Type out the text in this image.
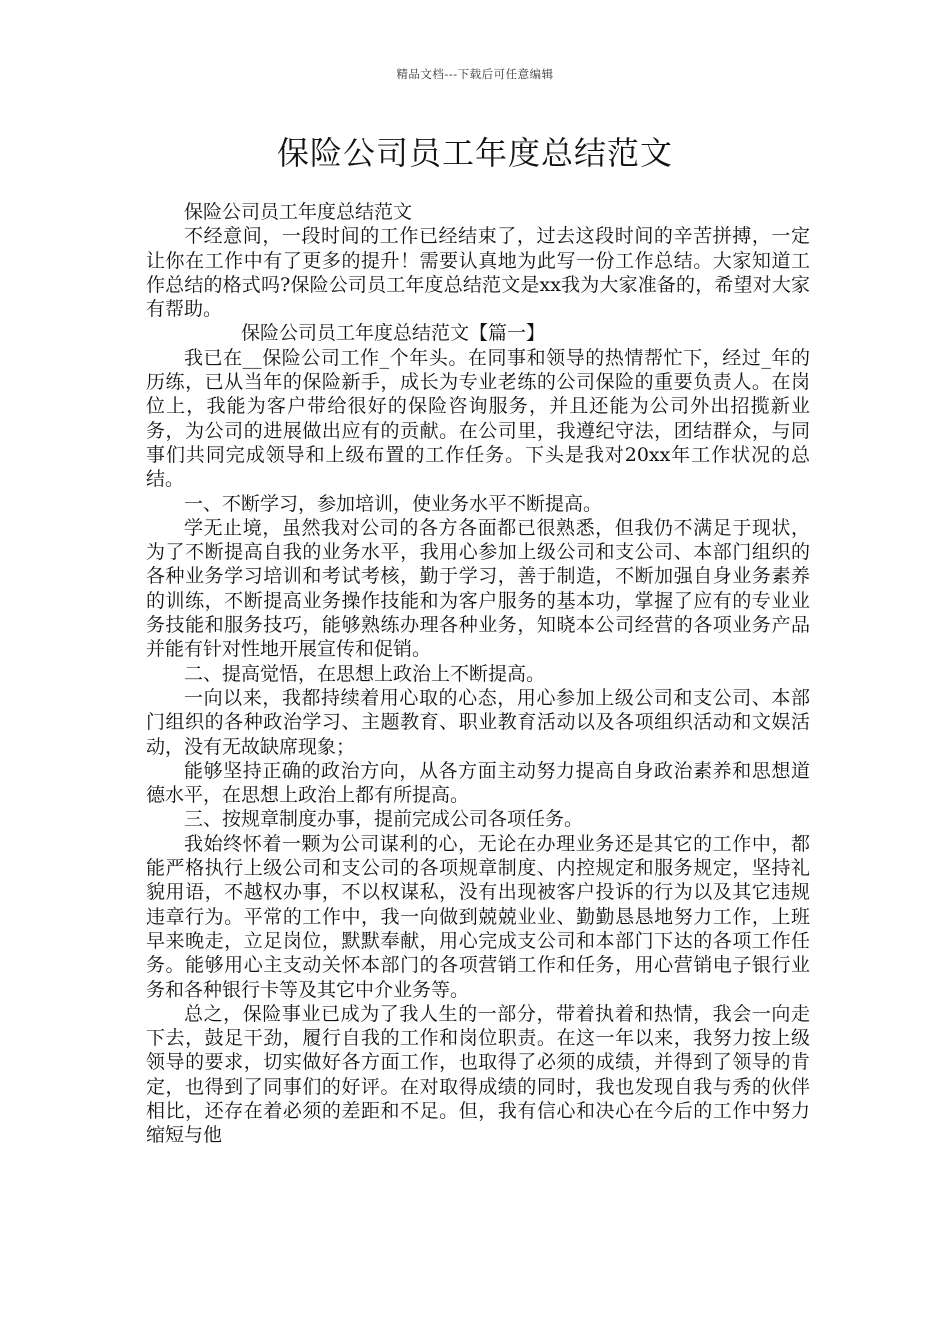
精品文档---下载后可任意编辑
保险公司员工年度总结范文

保险公司员工年度总结范文

不经意间，一段时间的工作已经结束了，过去这段时间的辛苦拼搏，一定让你在工作中有了更多的提升！需要认真地为此写一份工作总结。大家知道工作总结的格式吗?保险公司员工年度总结范文是xx我为大家准备的，希望对大家有帮助。

保险公司员工年度总结范文【篇一】

我已在__保险公司工作_个年头。在同事和领导的热情帮忙下，经过_年的历练，已从当年的保险新手，成长为专业老练的公司保险的重要负责人。在岗位上，我能为客户带给很好的保险咨询服务，并且还能为公司外出招揽新业务，为公司的进展做出应有的贡献。在公司里，我遵纪守法，团结群众，与同事们共同完成领导和上级布置的工作任务。下头是我对20xx年工作状况的总结。

一、不断学习，参加培训，使业务水平不断提高。

学无止境，虽然我对公司的各方各面都已很熟悉，但我仍不满足于现状，为了不断提高自我的业务水平，我用心参加上级公司和支公司、本部门组织的各种业务学习培训和考试考核，勤于学习，善于制造，不断加强自身业务素养的训练，不断提高业务操作技能和为客户服务的基本功，掌握了应有的专业业务技能和服务技巧，能够熟练办理各种业务，知晓本公司经营的各项业务产品并能有针对性地开展宣传和促销。

二、提高觉悟，在思想上政治上不断提高。

一向以来，我都持续着用心取的心态，用心参加上级公司和支公司、本部门组织的各种政治学习、主题教育、职业教育活动以及各项组织活动和文娱活动，没有无故缺席现象；

能够坚持正确的政治方向，从各方面主动努力提高自身政治素养和思想道德水平，在思想上政治上都有所提高。

三、按规章制度办事，提前完成公司各项任务。

我始终怀着一颗为公司谋利的心，无论在办理业务还是其它的工作中，都能严格执行上级公司和支公司的各项规章制度、内控规定和服务规定，坚持礼貌用语，不越权办事，不以权谋私，没有出现被客户投诉的行为以及其它违规违章行为。平常的工作中，我一向做到兢兢业业、勤勤恳恳地努力工作，上班早来晚走，立足岗位，默默奉献，用心完成支公司和本部门下达的各项工作任务。能够用心主支动关怀本部门的各项营销工作和任务，用心营销电子银行业务和各种银行卡等及其它中介业务等。

总之，保险事业已成为了我人生的一部分，带着执着和热情，我会一向走下去，鼓足干劲，履行自我的工作和岗位职责。在这一年以来，我努力按上级领导的要求，切实做好各方面工作，也取得了必须的成绩，并得到了领导的肯定，也得到了同事们的好评。在对取得成绩的同时，我也发现自我与秀的伙伴相比，还存在着必须的差距和不足。但，我有信心和决心在今后的工作中努力缩短与他
